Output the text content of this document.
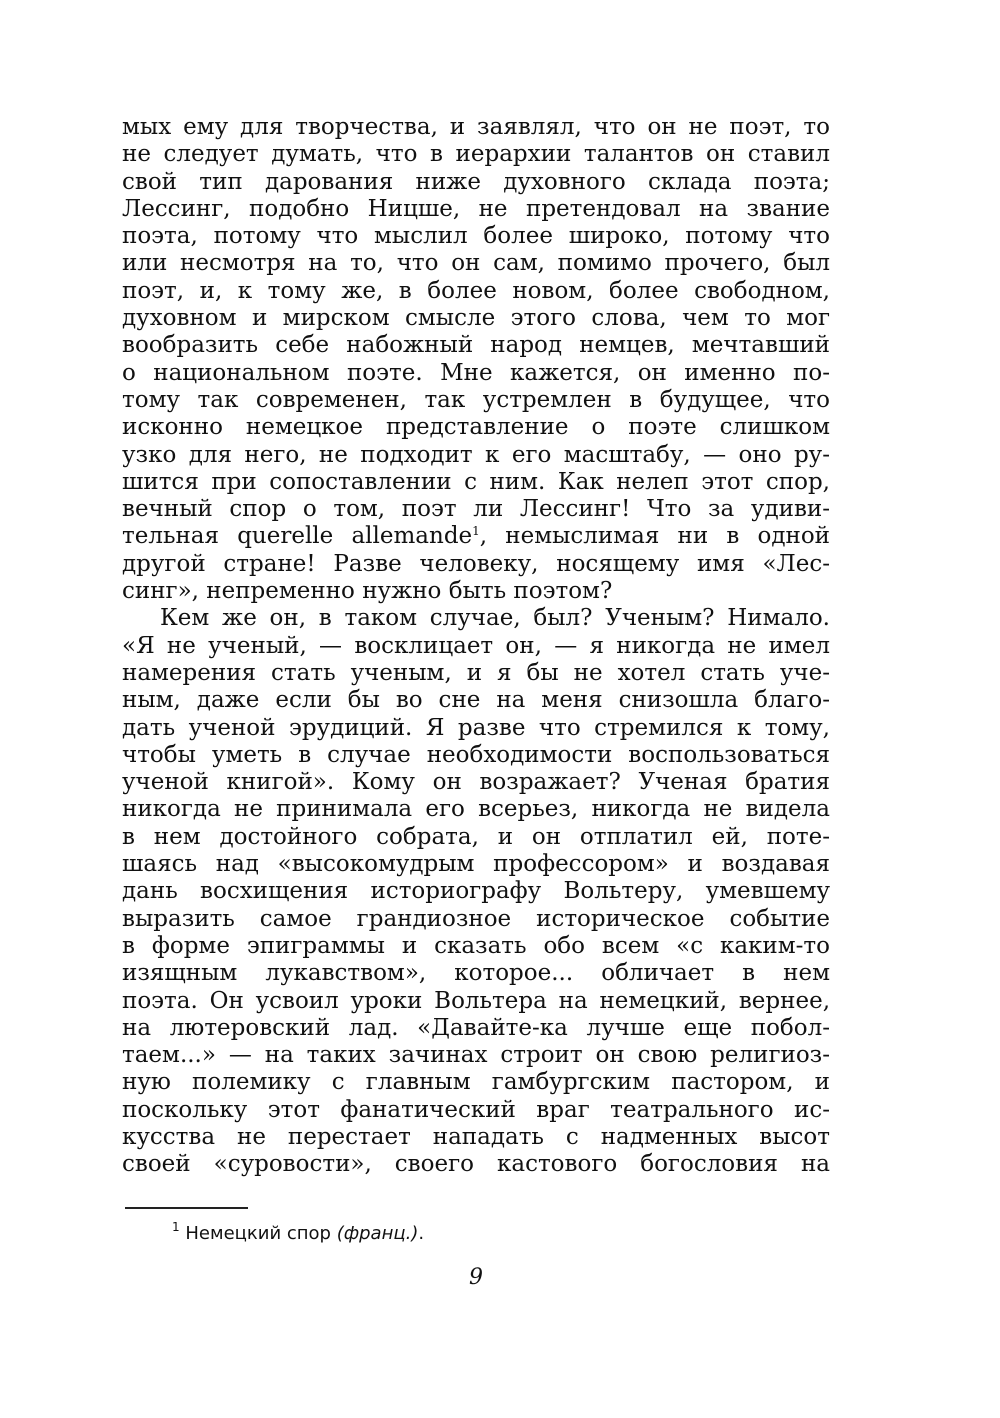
мых ему для творчества, и заявлял, что он не поэт, то
не следует думать, что в иерархии талантов он ставил
свой тип дарования ниже духовного склада поэта;
Лессинг, подобно Ницше, не претендовал на звание
поэта, потому что мыслил более широко, потому что
или несмотря на то, что он сам, помимо прочего, был
поэт, и, к тому же, в более новом, более свободном,
духовном и мирском смысле этого слова, чем то мог
вообразить себе набожный народ немцев, мечтавший
о национальном поэте. Мне кажется, он именно по-
тому так современен, так устремлен в будущее, что
исконно немецкое представление о поэте слишком
узко для него, не подходит к его масштабу, — оно ру-
шится при сопоставлении с ним. Как нелеп этот спор,
вечный спор о том, поэт ли Лессинг! Что за удиви-
тельная querelle allemande$^1$, немыслимая ни в одной
другой стране! Разве человеку, носящему имя «Лес-
синг», непременно нужно быть поэтом?
Кем же он, в таком случае, был? Ученым? Нимало.
«Я не ученый, — восклицает он, — я никогда не имел
намерения стать ученым, и я бы не хотел стать уче-
ным, даже если бы во сне на меня снизошла благо-
дать ученой эрудиций. Я разве что стремился к тому,
чтобы уметь в случае необходимости воспользоваться
ученой книгой». Кому он возражает? Ученая братия
никогда не принимала его всерьез, никогда не видела
в нем достойного собрата, и он отплатил ей, поте-
шаясь над «высокомудрым профессором» и воздавая
дань восхищения историографу Вольтеру, умевшему
выразить самое грандиозное историческое событие
в форме эпиграммы и сказать обо всем «с каким-то
изящным лукавством», которое... обличает в нем
поэта. Он усвоил уроки Вольтера на немецкий, вернее,
на лютеровский лад. «Давайте-ка лучше еще побол-
таем...» — на таких зачинах строит он свою религиоз-
ную полемику с главным гамбургским пастором, и
поскольку этот фанатический враг театрального ис-
кусства не перестает нападать с надменных высот
своей «суровости», своего кастового богословия на
$^1$ Немецкий спор (франц.).
9
